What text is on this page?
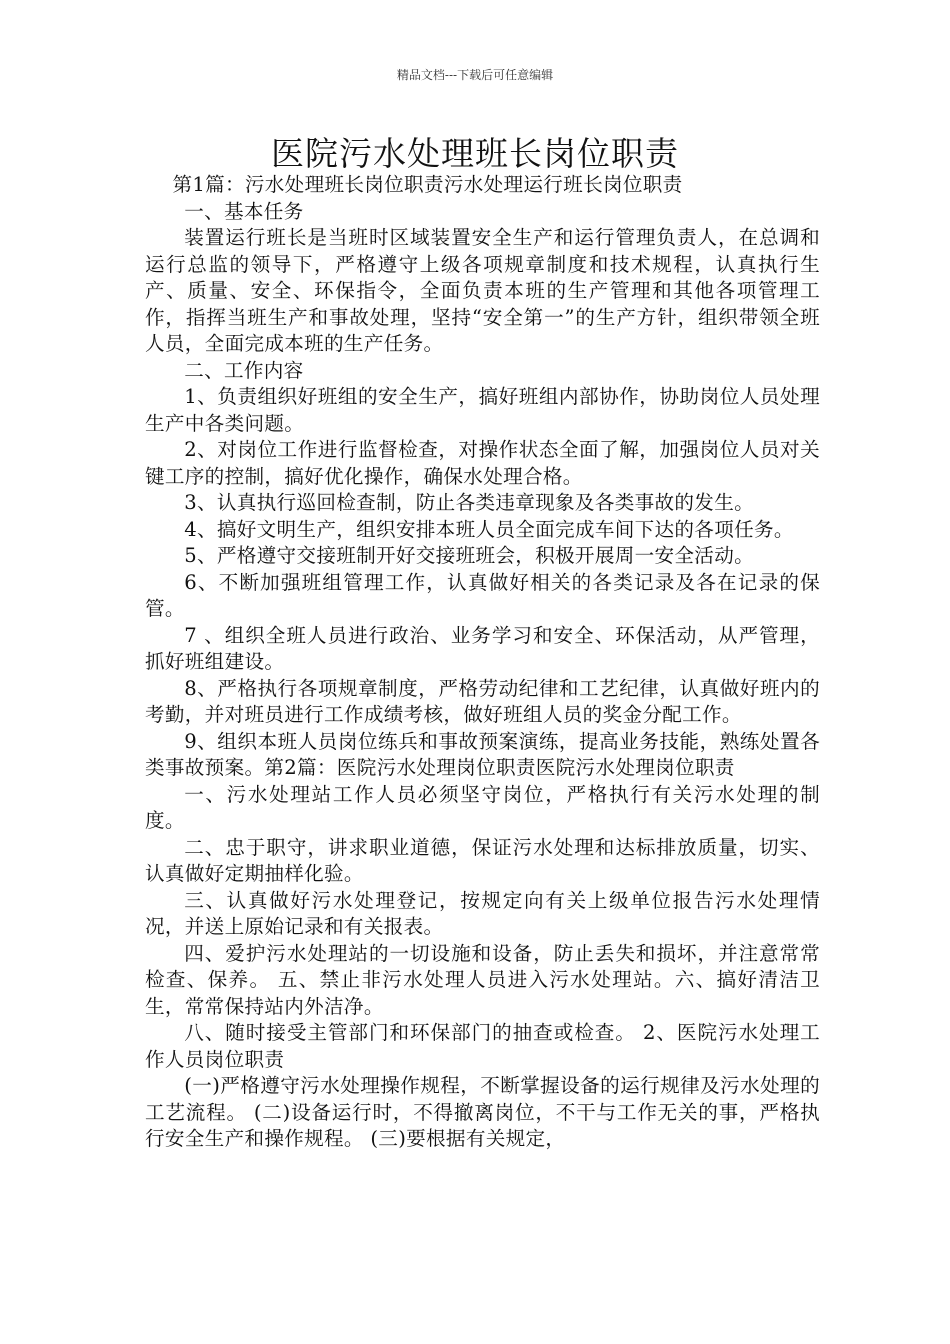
精品文档---下载后可任意编辑
医院污水处理班长岗位职责

第1篇：污水处理班长岗位职责污水处理运行班长岗位职责

一、基本任务

装置运行班长是当班时区域装置安全生产和运行管理负责人，在总调和运行总监的领导下，严格遵守上级各项规章制度和技术规程，认真执行生产、质量、安全、环保指令，全面负责本班的生产管理和其他各项管理工作，指挥当班生产和事故处理，坚持“安全第一”的生产方针，组织带领全班人员，全面完成本班的生产任务。

二、工作内容

1、负责组织好班组的安全生产，搞好班组内部协作，协助岗位人员处理生产中各类问题。

2、对岗位工作进行监督检查，对操作状态全面了解，加强岗位人员对关键工序的控制，搞好优化操作，确保水处理合格。

3、认真执行巡回检查制，防止各类违章现象及各类事故的发生。

4、搞好文明生产，组织安排本班人员全面完成车间下达的各项任务。

5、严格遵守交接班制开好交接班班会，积极开展周一安全活动。

6、不断加强班组管理工作，认真做好相关的各类记录及各在记录的保管。

7 、组织全班人员进行政治、业务学习和安全、环保活动，从严管理，抓好班组建设。

8、严格执行各项规章制度，严格劳动纪律和工艺纪律，认真做好班内的考勤，并对班员进行工作成绩考核，做好班组人员的奖金分配工作。

9、组织本班人员岗位练兵和事故预案演练，提高业务技能，熟练处置各类事故预案。第2篇：医院污水处理岗位职责医院污水处理岗位职责

一、污水处理站工作人员必须坚守岗位，严格执行有关污水处理的制度。

二、忠于职守，讲求职业道德，保证污水处理和达标排放质量，切实、认真做好定期抽样化验。

三、认真做好污水处理登记，按规定向有关上级单位报告污水处理情况，并送上原始记录和有关报表。

四、爱护污水处理站的一切设施和设备，防止丢失和损坏，并注意常常检查、保养。 五、禁止非污水处理人员进入污水处理站。六、搞好清洁卫生，常常保持站内外洁净。

八、随时接受主管部门和环保部门的抽查或检查。 2、医院污水处理工作人员岗位职责

(一)严格遵守污水处理操作规程，不断掌握设备的运行规律及污水处理的工艺流程。 (二)设备运行时，不得撤离岗位，不干与工作无关的事，严格执行安全生产和操作规程。 (三)要根据有关规定，
